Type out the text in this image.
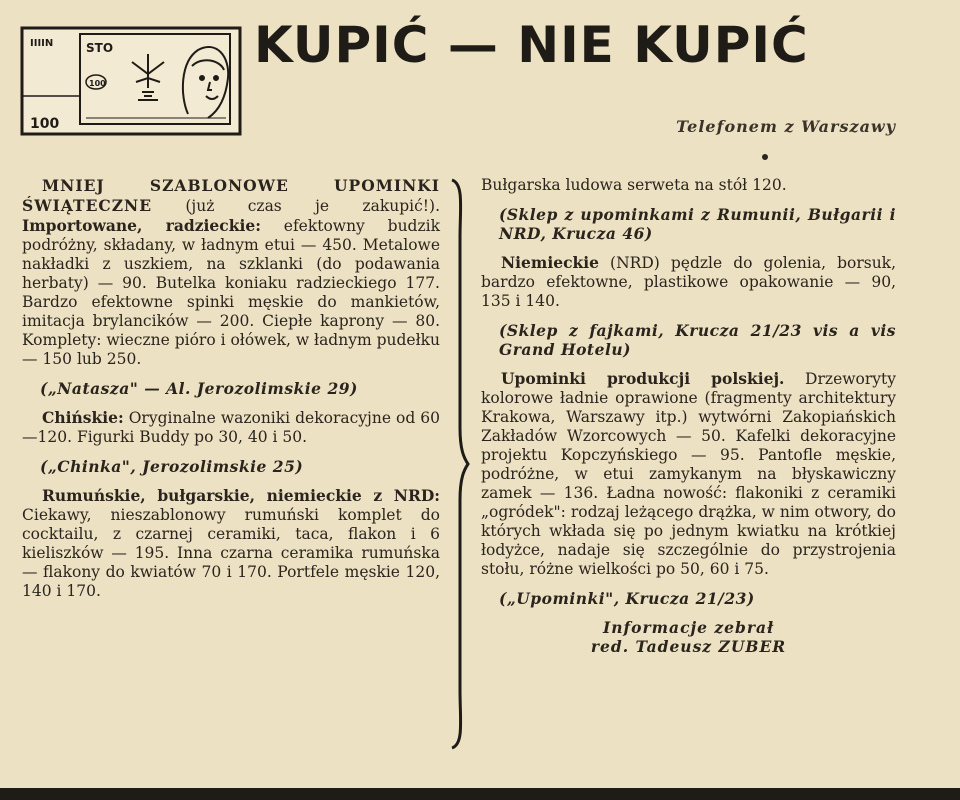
IIIIN	STO
100
100
KUPIĆ — NIE KUPIĆ
Telefonem z Warszawy

MNIEJ SZABLONOWE UPOMINKI ŚWIĄTECZNE (już czas je zakupić!). Importowane, radzieckie: efektowny budzik podróżny, składany, w ładnym etui — 450. Metalowe nakładki z uszkiem, na szklanki (do podawania herbaty) — 90. Butelka koniaku radzieckiego 177. Bardzo efektowne spinki męskie do mankietów, imitacja brylancików — 200. Ciepłe kaprony — 80. Komplety: wieczne pióro i ołówek, w ładnym pudełku — 150 lub 250.

(„Natasza" — Al. Jerozolimskie 29)

Chińskie: Oryginalne wazoniki dekoracyjne od 60—120. Figurki Buddy po 30, 40 i 50.

(„Chinka", Jerozolimskie 25)

Rumuńskie, bułgarskie, niemieckie z NRD: Ciekawy, nieszablonowy rumuński komplet do cocktailu, z czarnej ceramiki, taca, flakon i 6 kieliszków — 195. Inna czarna ceramika rumuńska — flakony do kwiatów 70 i 170. Portfele męskie 120, 140 i 170.

Bułgarska ludowa serweta na stół 120.

(Sklep z upominkami z Rumunii, Bułgarii i NRD, Krucza 46)

Niemieckie (NRD) pędzle do golenia, borsuk, bardzo efektowne, plastikowe opakowanie — 90, 135 i 140.

(Sklep z fajkami, Krucza 21/23 vis a vis Grand Hotelu)

Upominki produkcji polskiej. Drzeworyty kolorowe ładnie oprawione (fragmenty architektury Krakowa, Warszawy itp.) wytwórni Zakopiańskich Zakładów Wzorcowych — 50. Kafelki dekoracyjne projektu Kopczyńskiego — 95. Pantofle męskie, podróżne, w etui zamykanym na błyskawiczny zamek — 136. Ładna nowość: flakoniki z ceramiki „ogródek": rodzaj leżącego drążka, w nim otwory, do których wkłada się po jednym kwiatku na krótkiej łodyżce, nadaje się szczególnie do przystrojenia stołu, różne wielkości po 50, 60 i 75.

(„Upominki", Krucza 21/23)

Informacje zebrał
red. Tadeusz ZUBER
